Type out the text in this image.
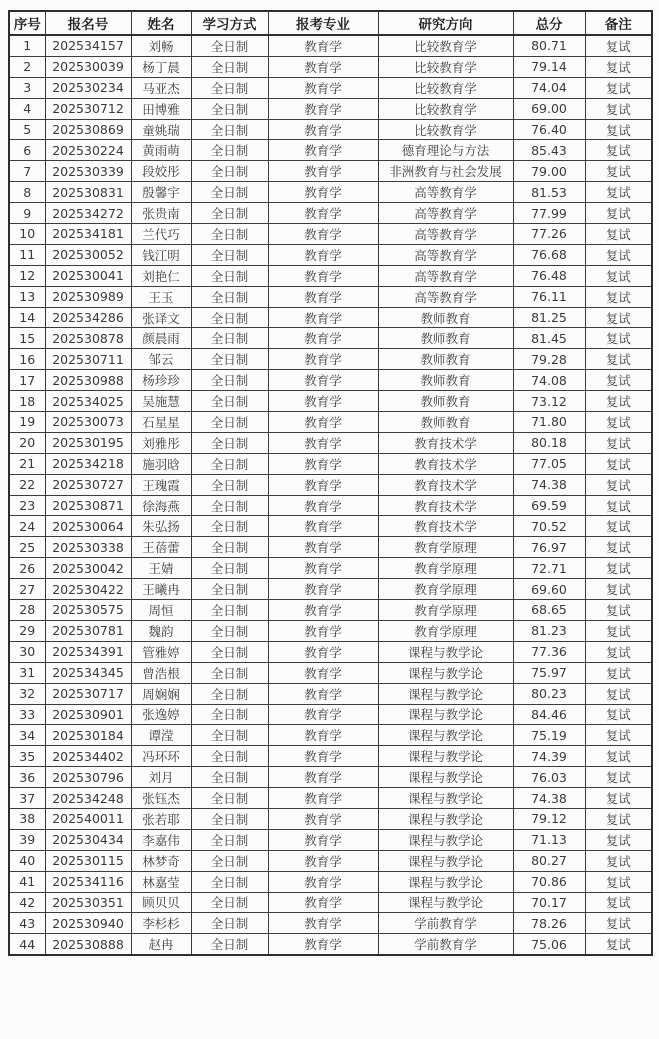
序号	报名号	姓名	学习方式	报考专业	研究方向	总分	备注
1	202534157	刘畅	全日制	教育学	比较教育学	80.71	复试
2	202530039	杨丁晨	全日制	教育学	比较教育学	79.14	复试
3	202530234	马亚杰	全日制	教育学	比较教育学	74.04	复试
4	202530712	田博雅	全日制	教育学	比较教育学	69.00	复试
5	202530869	童姚瑞	全日制	教育学	比较教育学	76.40	复试
6	202530224	黄雨萌	全日制	教育学	德育理论与方法	85.43	复试
7	202530339	段姣彤	全日制	教育学	非洲教育与社会发展	79.00	复试
8	202530831	殷馨宇	全日制	教育学	高等教育学	81.53	复试
9	202534272	张贵南	全日制	教育学	高等教育学	77.99	复试
10	202534181	兰代巧	全日制	教育学	高等教育学	77.26	复试
11	202530052	钱江明	全日制	教育学	高等教育学	76.68	复试
12	202530041	刘艳仁	全日制	教育学	高等教育学	76.48	复试
13	202530989	王玉	全日制	教育学	高等教育学	76.11	复试
14	202534286	张译文	全日制	教育学	教师教育	81.25	复试
15	202530878	颜晨雨	全日制	教育学	教师教育	81.45	复试
16	202530711	邹云	全日制	教育学	教师教育	79.28	复试
17	202530988	杨珍珍	全日制	教育学	教师教育	74.08	复试
18	202534025	吴施慧	全日制	教育学	教师教育	73.12	复试
19	202530073	石星星	全日制	教育学	教师教育	71.80	复试
20	202530195	刘雅彤	全日制	教育学	教育技术学	80.18	复试
21	202534218	施羽晗	全日制	教育学	教育技术学	77.05	复试
22	202530727	王瑰霞	全日制	教育学	教育技术学	74.38	复试
23	202530871	徐海燕	全日制	教育学	教育技术学	69.59	复试
24	202530064	朱弘扬	全日制	教育学	教育技术学	70.52	复试
25	202530338	王蓓蕾	全日制	教育学	教育学原理	76.97	复试
26	202530042	王婧	全日制	教育学	教育学原理	72.71	复试
27	202530422	王曦冉	全日制	教育学	教育学原理	69.60	复试
28	202530575	周恒	全日制	教育学	教育学原理	68.65	复试
29	202530781	魏韵	全日制	教育学	教育学原理	81.23	复试
30	202534391	管雅婷	全日制	教育学	课程与教学论	77.36	复试
31	202534345	曾浩根	全日制	教育学	课程与教学论	75.97	复试
32	202530717	周娴娴	全日制	教育学	课程与教学论	80.23	复试
33	202530901	张逸婷	全日制	教育学	课程与教学论	84.46	复试
34	202530184	谭滢	全日制	教育学	课程与教学论	75.19	复试
35	202534402	冯环环	全日制	教育学	课程与教学论	74.39	复试
36	202530796	刘月	全日制	教育学	课程与教学论	76.03	复试
37	202534248	张钰杰	全日制	教育学	课程与教学论	74.38	复试
38	202540011	张若耶	全日制	教育学	课程与教学论	79.12	复试
39	202530434	李嘉伟	全日制	教育学	课程与教学论	71.13	复试
40	202530115	林梦奇	全日制	教育学	课程与教学论	80.27	复试
41	202534116	林嘉莹	全日制	教育学	课程与教学论	70.86	复试
42	202530351	顾贝贝	全日制	教育学	课程与教学论	70.17	复试
43	202530940	李杉杉	全日制	教育学	学前教育学	78.26	复试
44	202530888	赵冉	全日制	教育学	学前教育学	75.06	复试
